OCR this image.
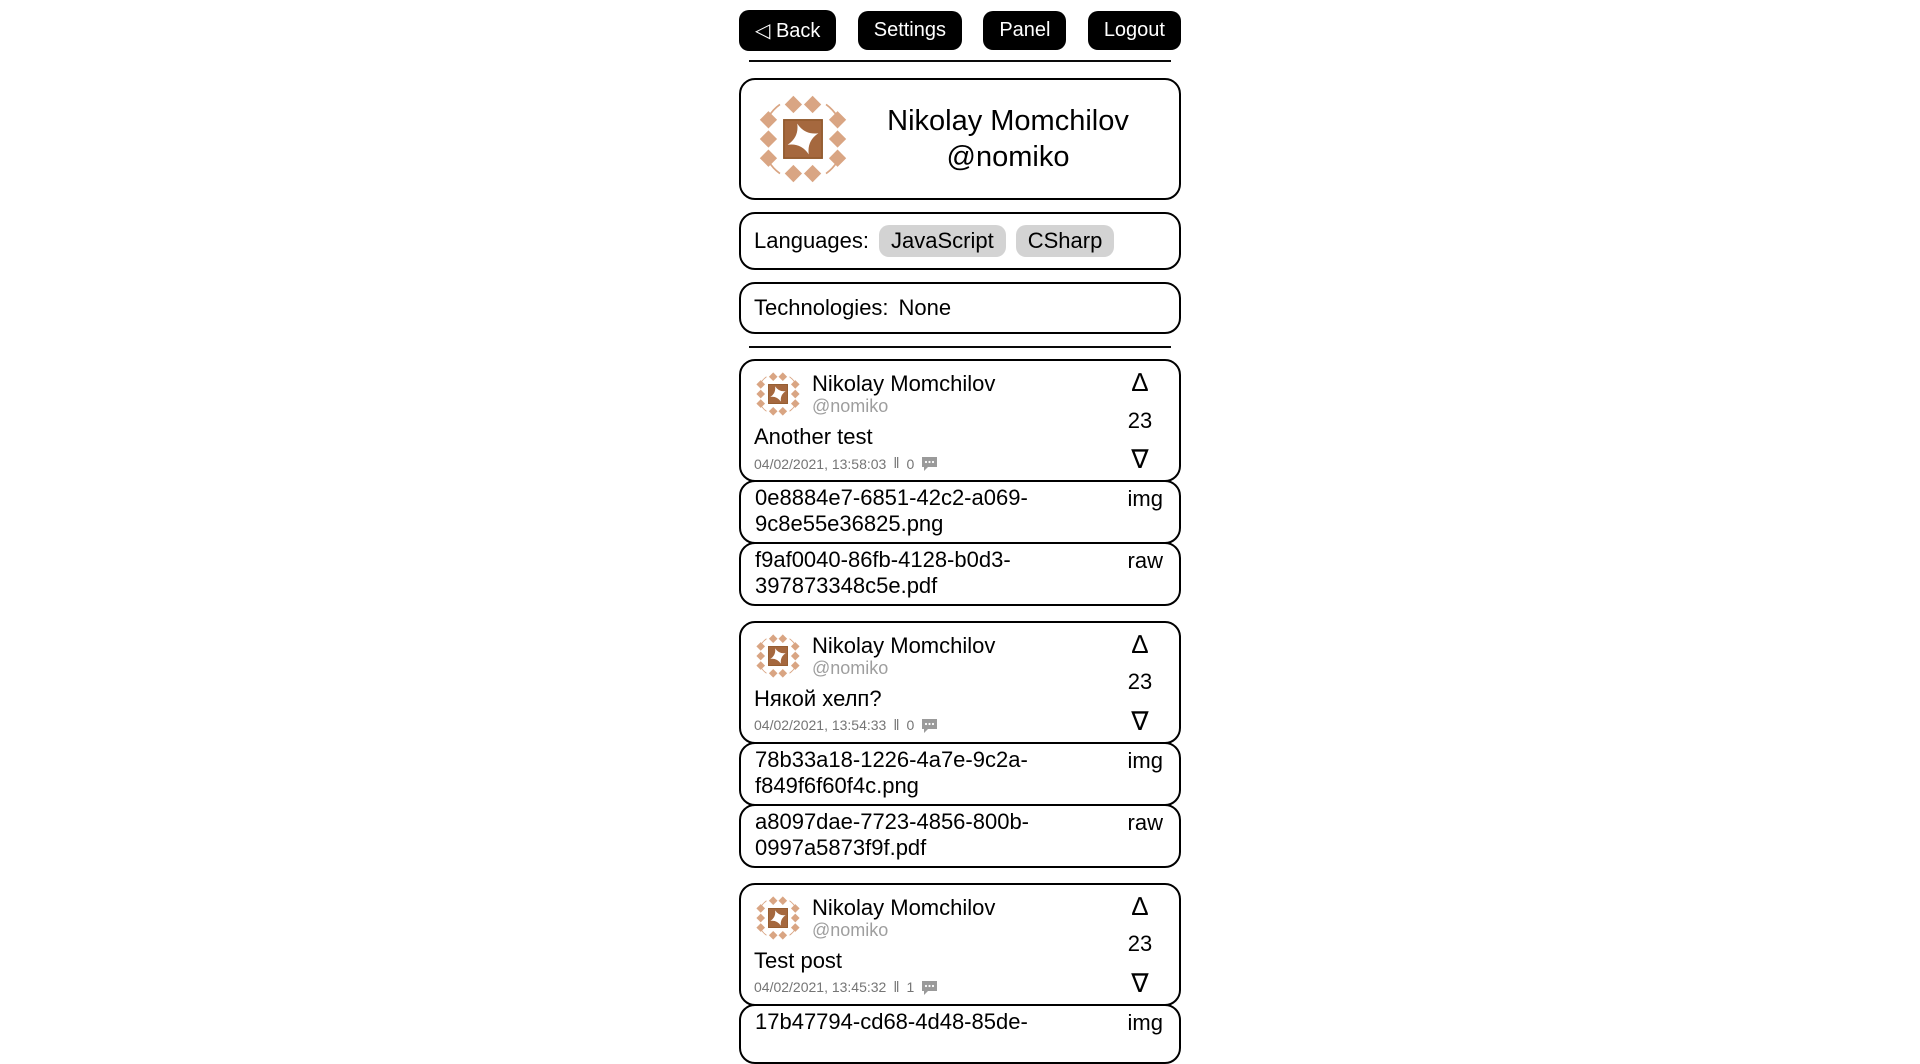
◁ Back	Settings	Panel	Logout
Nikolay Momchilov
@nomiko
Languages:	JavaScript	CSharp
Technologies: None
Nikolay Momchilov
@nomiko
Another test
04/02/2021, 13:58:03 ‖ 0
∆
23
∇
0e8884e7-6851-42c2-a069-9c8e55e36825.png
img
f9af0040-86fb-4128-b0d3-397873348c5e.pdf
raw
Nikolay Momchilov
@nomiko
Някой хелп?
04/02/2021, 13:54:33 ‖ 0
∆
23
∇
78b33a18-1226-4a7e-9c2a-f849f6f60f4c.png
img
a8097dae-7723-4856-800b-0997a5873f9f.pdf
raw
Nikolay Momchilov
@nomiko
Test post
04/02/2021, 13:45:32 ‖ 1
∆
23
∇
17b47794-cd68-4d48-85de-	img
